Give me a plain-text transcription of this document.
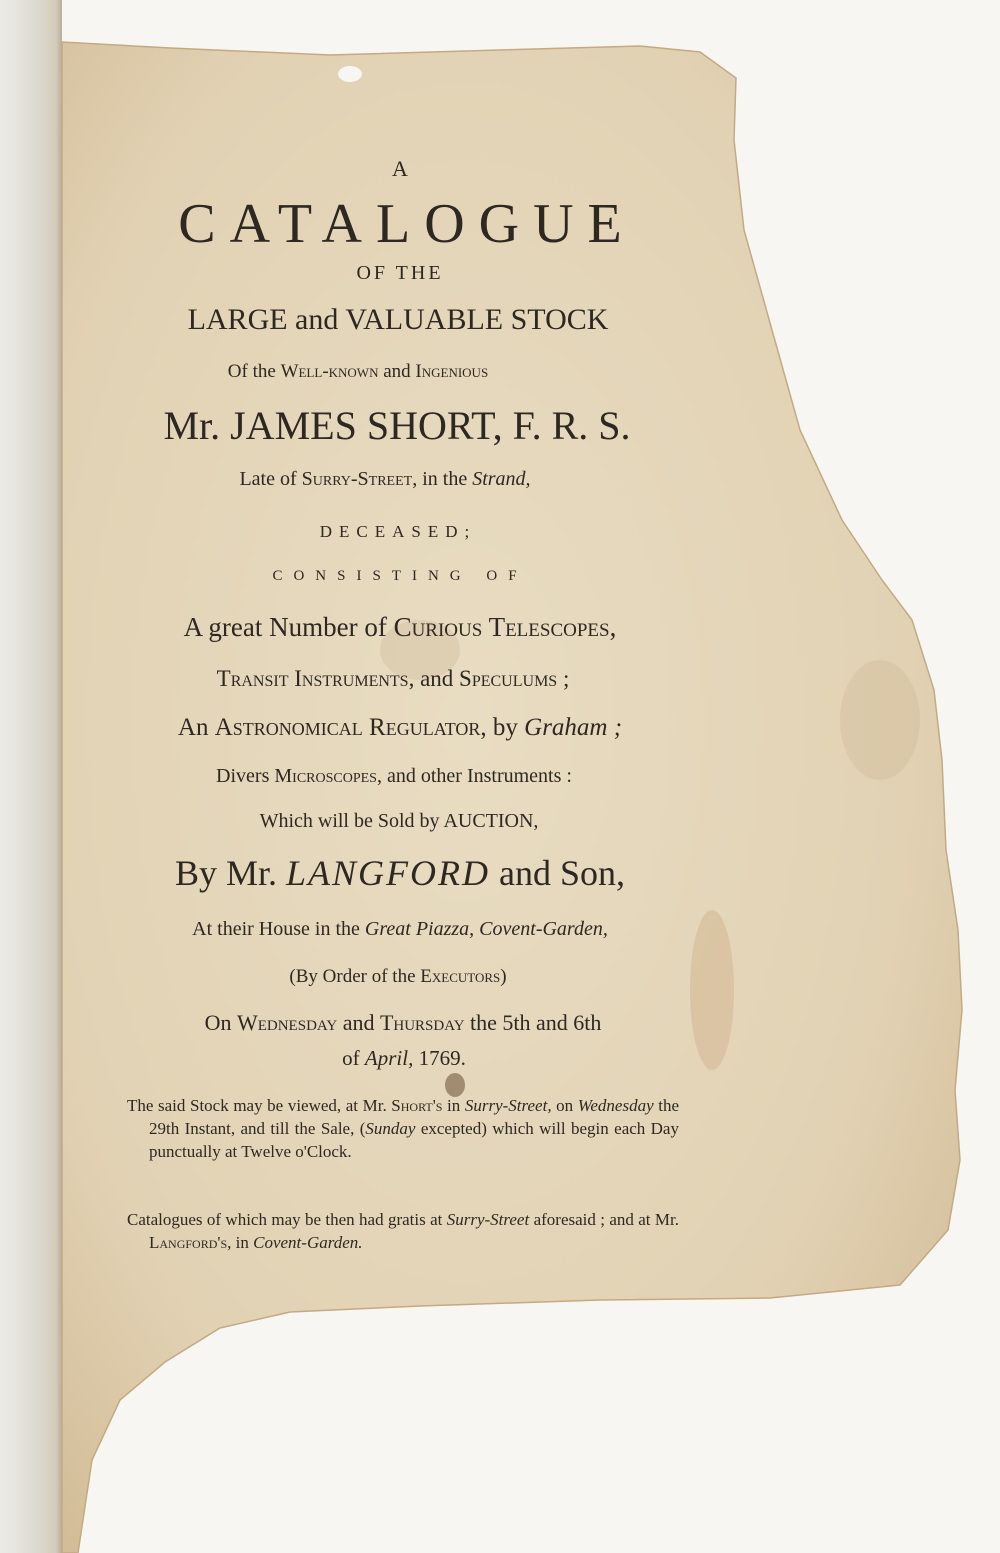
A

CATALOGUE

OF THE

LARGE and VALUABLE STOCK

Of the Well-known and Ingenious

Mr. JAMES SHORT, F. R. S.

Late of Surry-Street, in the Strand,

DECEASED;

CONSISTING OF

A great Number of Curious Telescopes,

Transit Instruments, and Speculums ;

An Astronomical Regulator, by Graham ;

Divers Microscopes, and other Instruments :

Which will be Sold by AUCTION,

By Mr. LANGFORD and Son,

At their House in the Great Piazza, Covent-Garden,

(By Order of the Executors)

On Wednesday and Thursday the 5th and 6th

of April, 1769.

The said Stock may be viewed, at Mr. Short's in Surry-Street, on Wednesday the 29th Instant, and till the Sale, (Sunday excepted) which will begin each Day punctually at Twelve o'Clock.

Catalogues of which may be then had gratis at Surry-Street aforesaid ; and at Mr. Langford's, in Covent-Garden.
